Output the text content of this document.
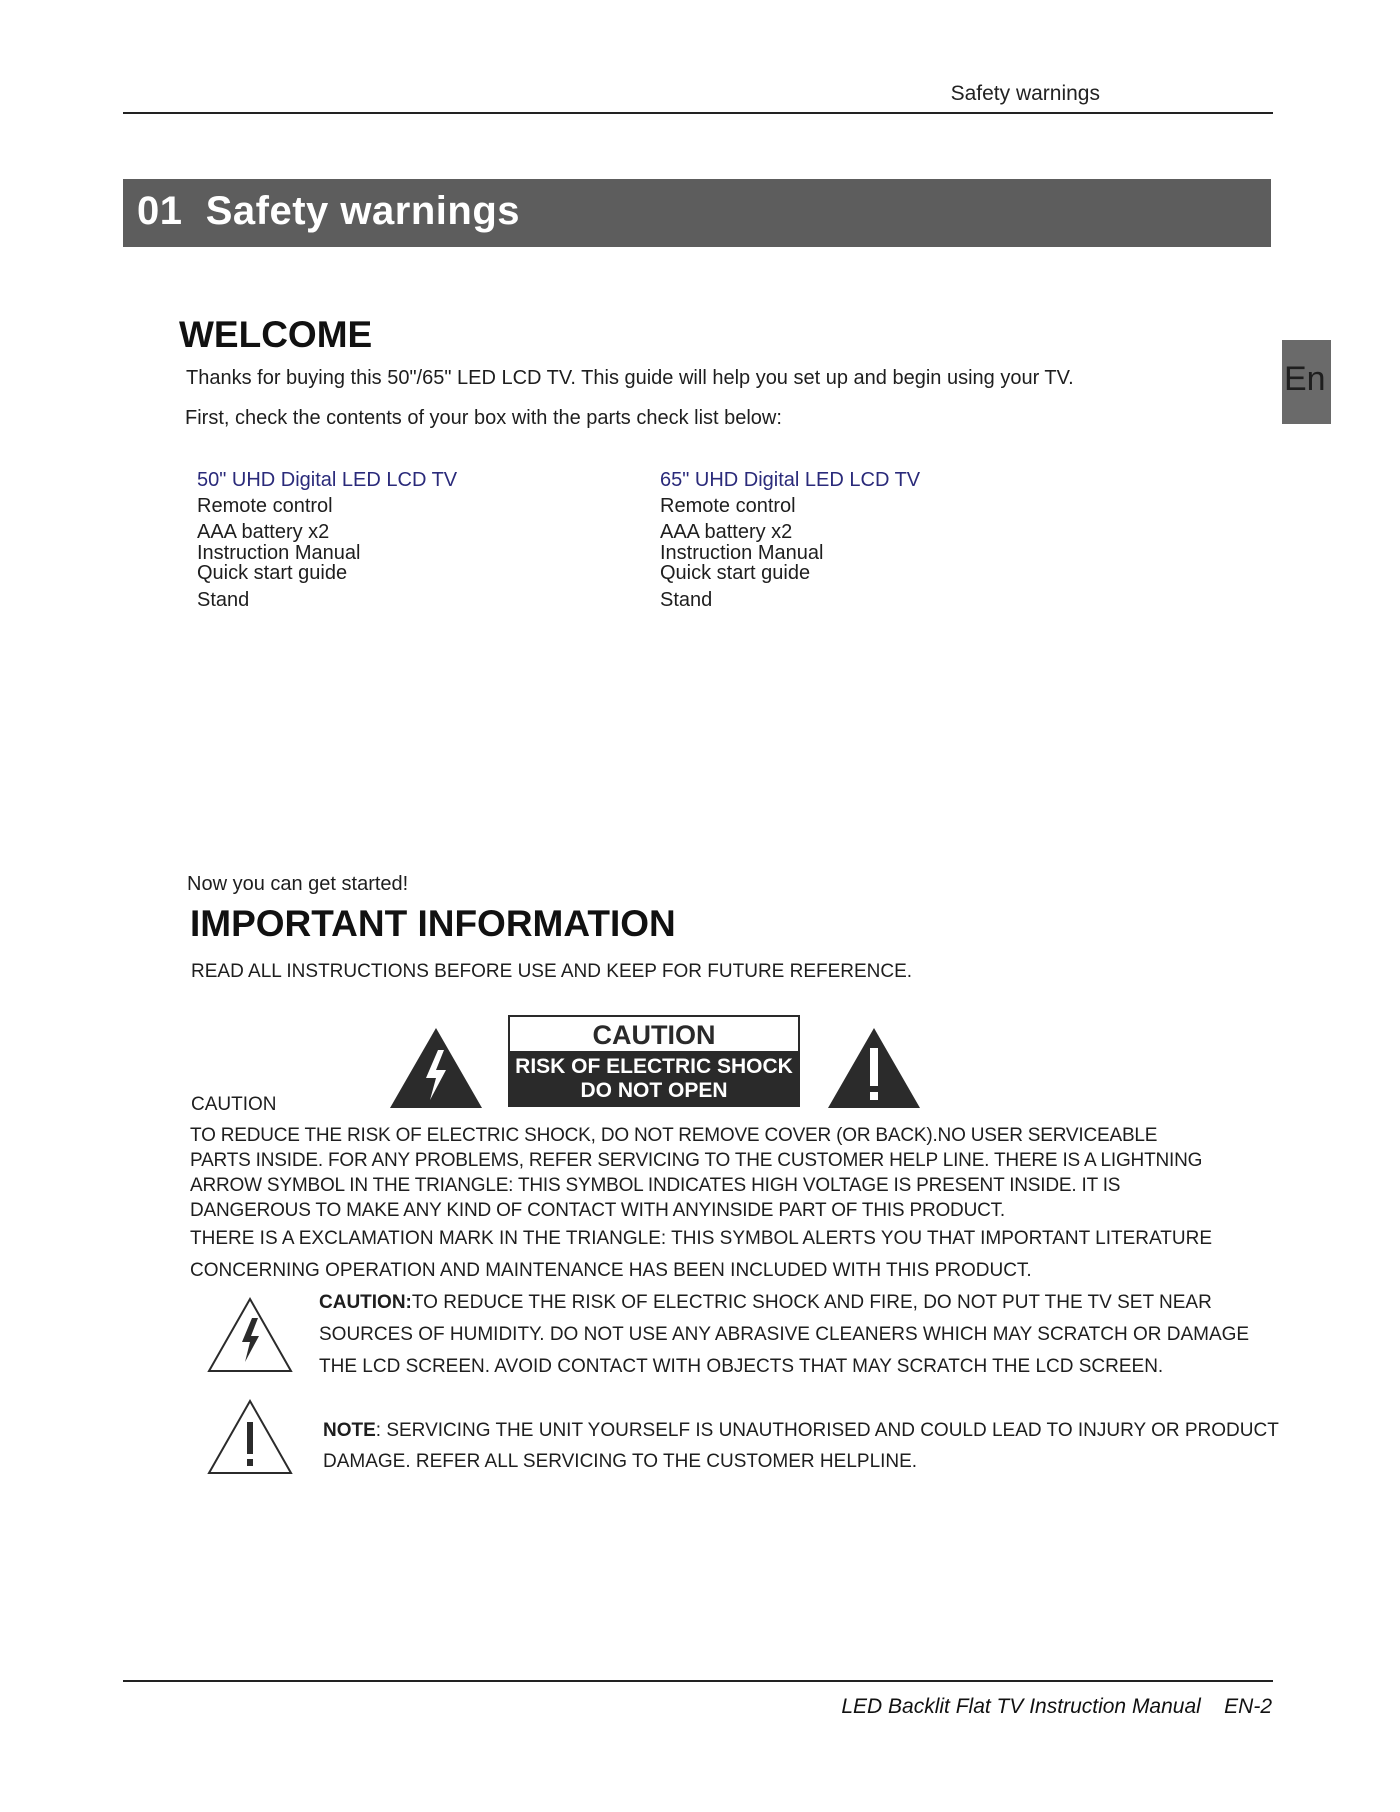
Safety warnings
01 Safety warnings
En
WELCOME
Thanks for buying this 50"/65" LED LCD TV. This guide will help you set up and begin using your TV.
First, check the contents of your box with the parts check list below:
50" UHD Digital LED LCD TV
Remote control
AAA battery x2
Instruction Manual
Quick start guide
Stand
65" UHD Digital LED LCD TV
Remote control
AAA battery x2
Instruction Manual
Quick start guide
Stand
Now you can get started!
IMPORTANT INFORMATION
READ ALL INSTRUCTIONS BEFORE USE AND KEEP FOR FUTURE REFERENCE.
CAUTION
CAUTION
RISK OF ELECTRIC SHOCK
DO NOT OPEN
TO REDUCE THE RISK OF ELECTRIC SHOCK, DO NOT REMOVE COVER (OR BACK).NO USER SERVICEABLE PARTS INSIDE. FOR ANY PROBLEMS, REFER SERVICING TO THE CUSTOMER HELP LINE. THERE IS A LIGHTNING ARROW SYMBOL IN THE TRIANGLE: THIS SYMBOL INDICATES HIGH VOLTAGE IS PRESENT INSIDE. IT IS DANGEROUS TO MAKE ANY KIND OF CONTACT WITH ANYINSIDE PART OF THIS PRODUCT.
THERE IS A EXCLAMATION MARK IN THE TRIANGLE: THIS SYMBOL ALERTS YOU THAT IMPORTANT LITERATURE
CONCERNING OPERATION AND MAINTENANCE HAS BEEN INCLUDED WITH THIS PRODUCT.
CAUTION:TO REDUCE THE RISK OF ELECTRIC SHOCK AND FIRE, DO NOT PUT THE TV SET NEAR
SOURCES OF HUMIDITY. DO NOT USE ANY ABRASIVE CLEANERS WHICH MAY SCRATCH OR DAMAGE
THE LCD SCREEN. AVOID CONTACT WITH OBJECTS THAT MAY SCRATCH THE LCD SCREEN.
NOTE: SERVICING THE UNIT YOURSELF IS UNAUTHORISED AND COULD LEAD TO INJURY OR PRODUCT
DAMAGE. REFER ALL SERVICING TO THE CUSTOMER HELPLINE.
LED Backlit Flat TV Instruction Manual    EN-2
